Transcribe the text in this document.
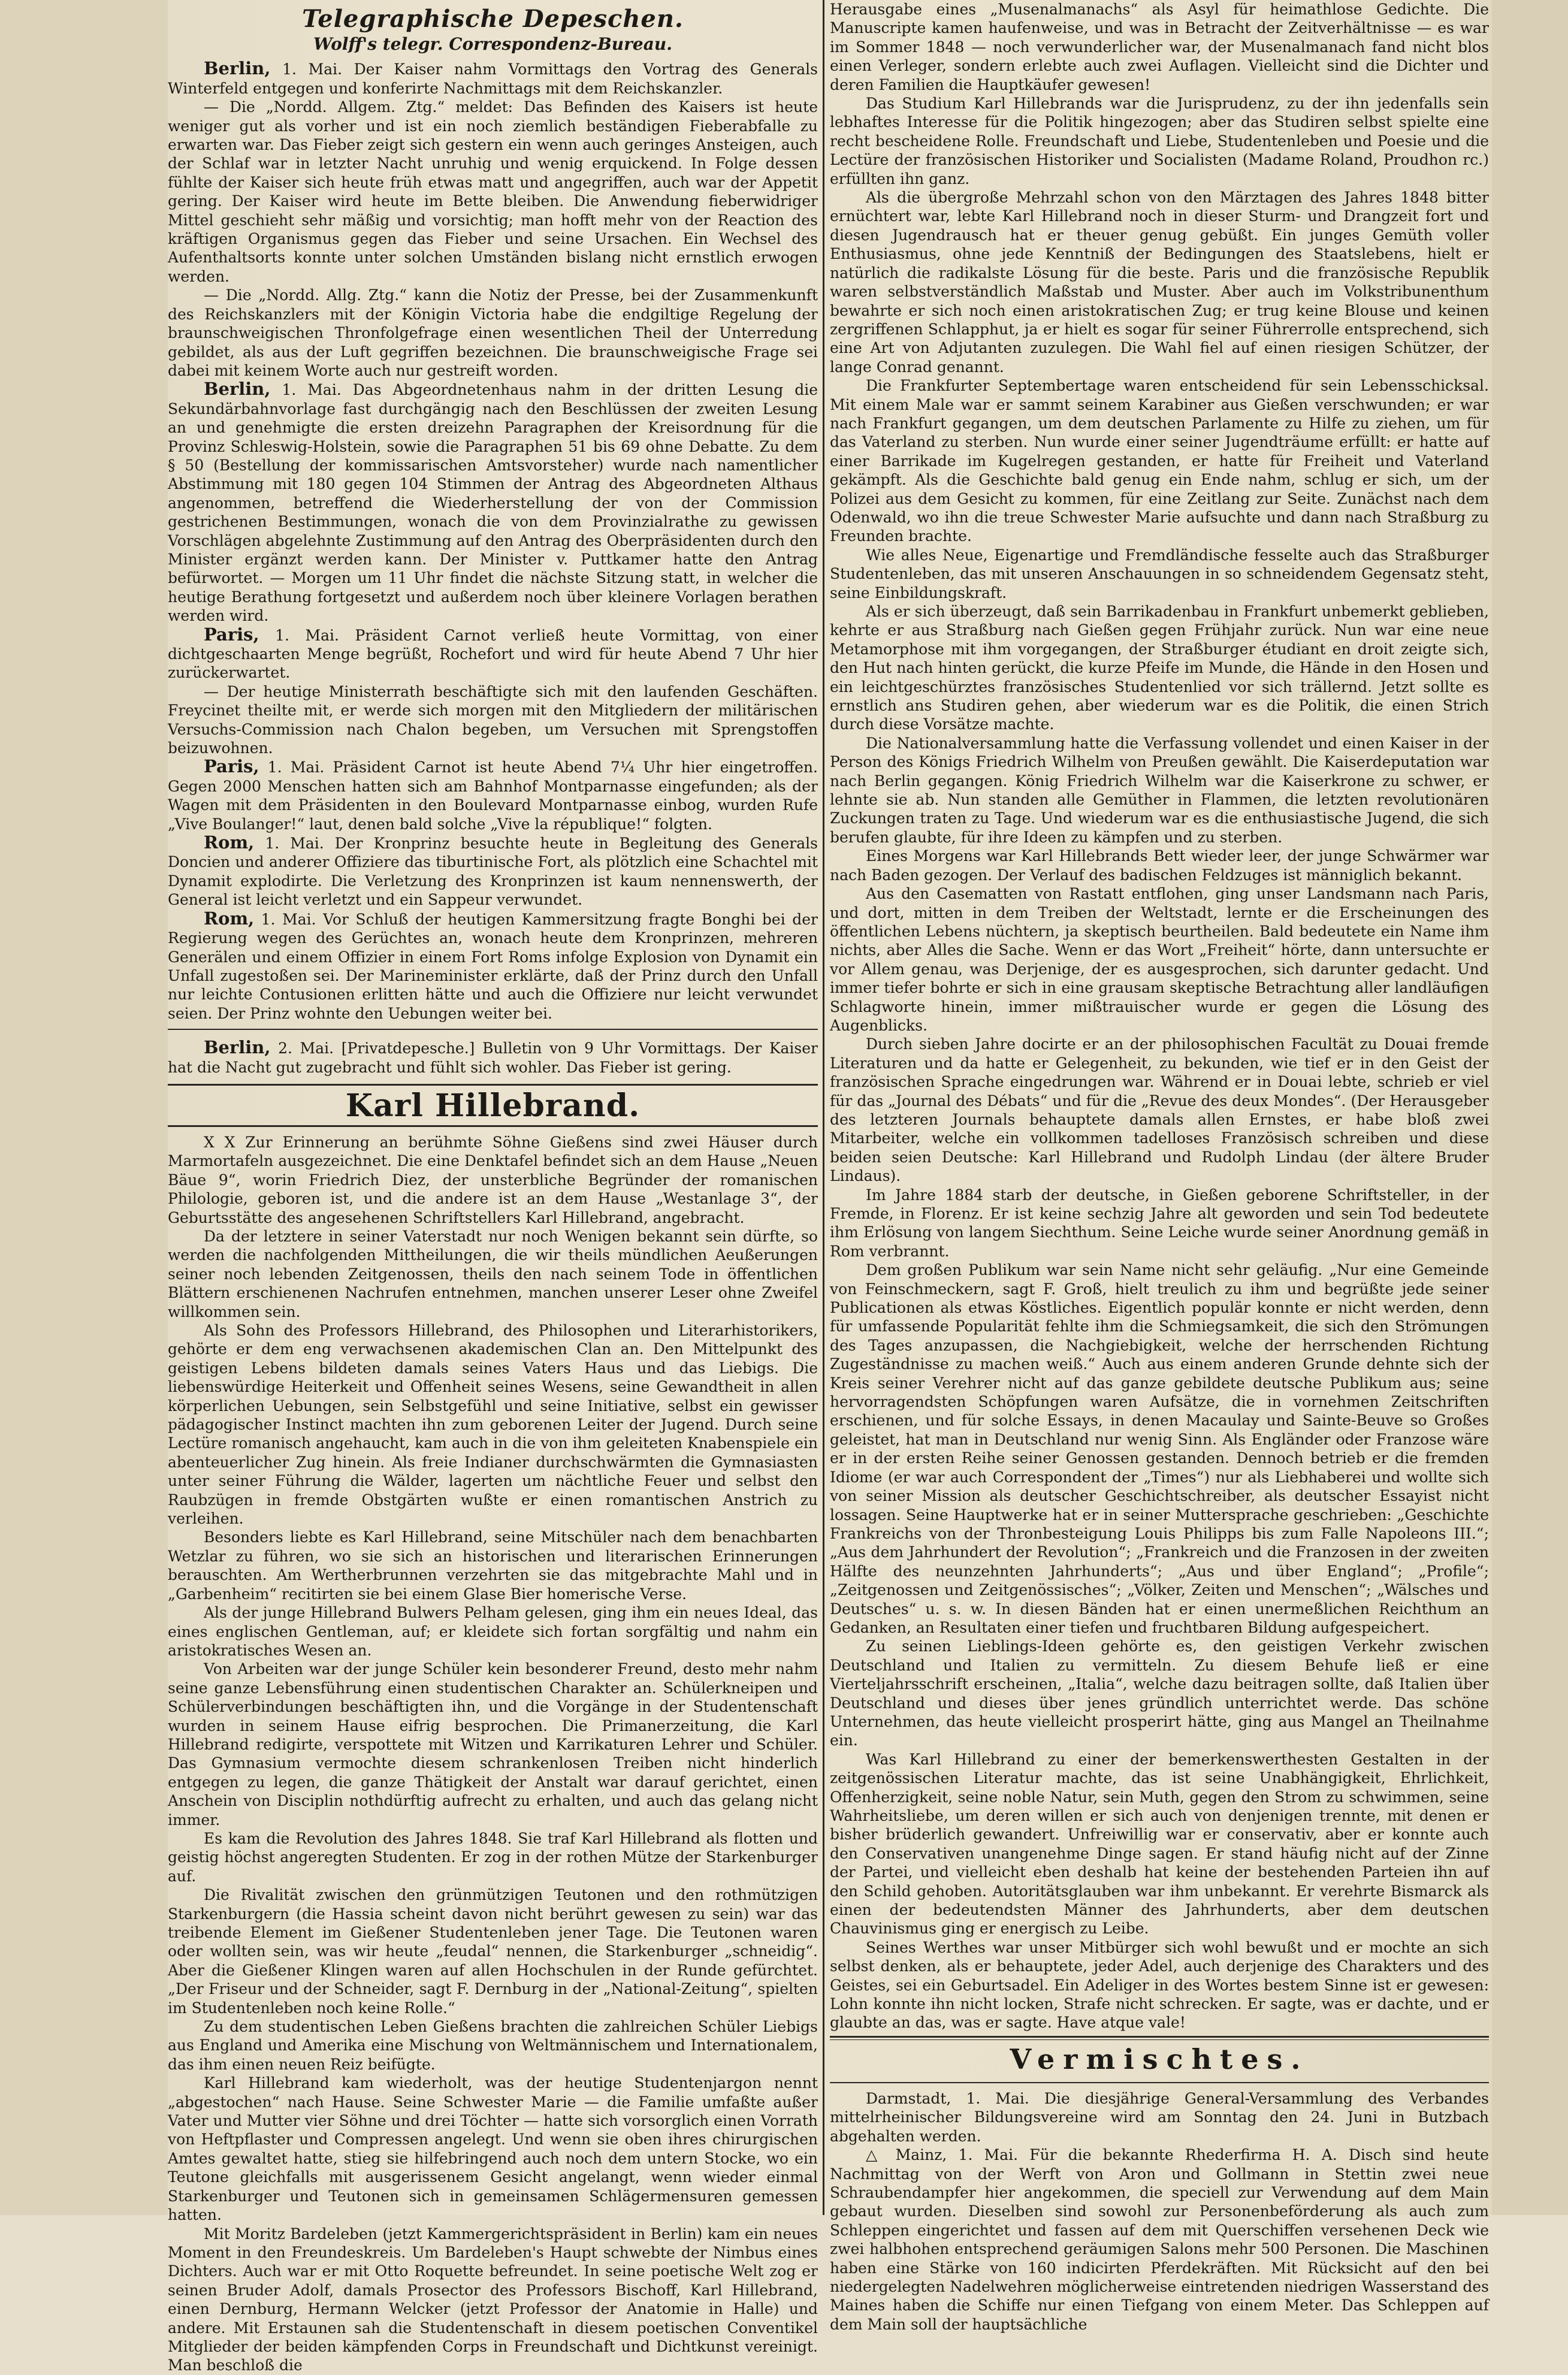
Telegraphische Depeschen.
Wolff's telegr. Correspondenz-Bureau.

Berlin, 1. Mai. Der Kaiser nahm Vormittags den Vortrag des Generals Winterfeld entgegen und konferirte Nachmittags mit dem Reichskanzler.

— Die „Nordd. Allgem. Ztg.“ meldet: Das Befinden des Kaisers ist heute weniger gut als vorher und ist ein noch ziemlich beständigen Fieberabfalle zu erwarten war. Das Fieber zeigt sich gestern ein wenn auch geringes Ansteigen, auch der Schlaf war in letzter Nacht unruhig und wenig erquickend. In Folge dessen fühlte der Kaiser sich heute früh etwas matt und angegriffen, auch war der Appetit gering. Der Kaiser wird heute im Bette bleiben. Die Anwendung fieberwidriger Mittel geschieht sehr mäßig und vorsichtig; man hofft mehr von der Reaction des kräftigen Organismus gegen das Fieber und seine Ursachen. Ein Wechsel des Aufenthaltsorts konnte unter solchen Umständen bislang nicht ernstlich erwogen werden.

— Die „Nordd. Allg. Ztg.“ kann die Notiz der Presse, bei der Zusammenkunft des Reichskanzlers mit der Königin Victoria habe die endgiltige Regelung der braunschweigischen Thronfolgefrage einen wesentlichen Theil der Unterredung gebildet, als aus der Luft gegriffen bezeichnen. Die braunschweigische Frage sei dabei mit keinem Worte auch nur gestreift worden.

Berlin, 1. Mai. Das Abgeordnetenhaus nahm in der dritten Lesung die Sekundärbahnvorlage fast durchgängig nach den Beschlüssen der zweiten Lesung an und genehmigte die ersten dreizehn Paragraphen der Kreisordnung für die Provinz Schleswig-Holstein, sowie die Paragraphen 51 bis 69 ohne Debatte. Zu dem § 50 (Bestellung der kommissarischen Amtsvorsteher) wurde nach namentlicher Abstimmung mit 180 gegen 104 Stimmen der Antrag des Abgeordneten Althaus angenommen, betreffend die Wiederherstellung der von der Commission gestrichenen Bestimmungen, wonach die von dem Provinzialrathe zu gewissen Vorschlägen abgelehnte Zustimmung auf den Antrag des Oberpräsidenten durch den Minister ergänzt werden kann. Der Minister v. Puttkamer hatte den Antrag befürwortet. — Morgen um 11 Uhr findet die nächste Sitzung statt, in welcher die heutige Berathung fortgesetzt und außerdem noch über kleinere Vorlagen berathen werden wird.

Paris, 1. Mai. Präsident Carnot verließ heute Vormittag, von einer dichtgeschaarten Menge begrüßt, Rochefort und wird für heute Abend 7 Uhr hier zurückerwartet.

— Der heutige Ministerrath beschäftigte sich mit den laufenden Geschäften. Freycinet theilte mit, er werde sich morgen mit den Mitgliedern der militärischen Versuchs-Commission nach Chalon begeben, um Versuchen mit Sprengstoffen beizuwohnen.

Paris, 1. Mai. Präsident Carnot ist heute Abend 7¼ Uhr hier eingetroffen. Gegen 2000 Menschen hatten sich am Bahnhof Montparnasse eingefunden; als der Wagen mit dem Präsidenten in den Boulevard Montparnasse einbog, wurden Rufe „Vive Boulanger!“ laut, denen bald solche „Vive la république!“ folgten.

Rom, 1. Mai. Der Kronprinz besuchte heute in Begleitung des Generals Doncien und anderer Offiziere das tiburtinische Fort, als plötzlich eine Schachtel mit Dynamit explodirte. Die Verletzung des Kronprinzen ist kaum nennenswerth, der General ist leicht verletzt und ein Sappeur verwundet.

Rom, 1. Mai. Vor Schluß der heutigen Kammersitzung fragte Bonghi bei der Regierung wegen des Gerüchtes an, wonach heute dem Kronprinzen, mehreren Generälen und einem Offizier in einem Fort Roms infolge Explosion von Dynamit ein Unfall zugestoßen sei. Der Marineminister erklärte, daß der Prinz durch den Unfall nur leichte Contusionen erlitten hätte und auch die Offiziere nur leicht verwundet seien. Der Prinz wohnte den Uebungen weiter bei.

Berlin, 2. Mai. [Privatdepesche.] Bulletin von 9 Uhr Vormittags. Der Kaiser hat die Nacht gut zugebracht und fühlt sich wohler. Das Fieber ist gering.

Karl Hillebrand.

X X Zur Erinnerung an berühmte Söhne Gießens sind zwei Häuser durch Marmortafeln ausgezeichnet. Die eine Denktafel befindet sich an dem Hause „Neuen Bäue 9“, worin Friedrich Diez, der unsterbliche Begründer der romanischen Philologie, geboren ist, und die andere ist an dem Hause „Westanlage 3“, der Geburtsstätte des angesehenen Schriftstellers Karl Hillebrand, angebracht.

Da der letztere in seiner Vaterstadt nur noch Wenigen bekannt sein dürfte, so werden die nachfolgenden Mittheilungen, die wir theils mündlichen Aeußerungen seiner noch lebenden Zeitgenossen, theils den nach seinem Tode in öffentlichen Blättern erschienenen Nachrufen entnehmen, manchen unserer Leser ohne Zweifel willkommen sein.

Als Sohn des Professors Hillebrand, des Philosophen und Literarhistorikers, gehörte er dem eng verwachsenen akademischen Clan an. Den Mittelpunkt des geistigen Lebens bildeten damals seines Vaters Haus und das Liebigs. Die liebenswürdige Heiterkeit und Offenheit seines Wesens, seine Gewandtheit in allen körperlichen Uebungen, sein Selbstgefühl und seine Initiative, selbst ein gewisser pädagogischer Instinct machten ihn zum geborenen Leiter der Jugend. Durch seine Lectüre romanisch angehaucht, kam auch in die von ihm geleiteten Knabenspiele ein abenteuerlicher Zug hinein. Als freie Indianer durchschwärmten die Gymnasiasten unter seiner Führung die Wälder, lagerten um nächtliche Feuer und selbst den Raubzügen in fremde Obstgärten wußte er einen romantischen Anstrich zu verleihen.

Besonders liebte es Karl Hillebrand, seine Mitschüler nach dem benachbarten Wetzlar zu führen, wo sie sich an historischen und literarischen Erinnerungen berauschten. Am Wertherbrunnen verzehrten sie das mitgebrachte Mahl und in „Garbenheim“ recitirten sie bei einem Glase Bier homerische Verse.

Als der junge Hillebrand Bulwers Pelham gelesen, ging ihm ein neues Ideal, das eines englischen Gentleman, auf; er kleidete sich fortan sorgfältig und nahm ein aristokratisches Wesen an.

Von Arbeiten war der junge Schüler kein besonderer Freund, desto mehr nahm seine ganze Lebensführung einen studentischen Charakter an. Schülerkneipen und Schülerverbindungen beschäftigten ihn, und die Vorgänge in der Studentenschaft wurden in seinem Hause eifrig besprochen. Die Primanerzeitung, die Karl Hillebrand redigirte, verspottete mit Witzen und Karrikaturen Lehrer und Schüler. Das Gymnasium vermochte diesem schrankenlosen Treiben nicht hinderlich entgegen zu legen, die ganze Thätigkeit der Anstalt war darauf gerichtet, einen Anschein von Disciplin nothdürftig aufrecht zu erhalten, und auch das gelang nicht immer.

Es kam die Revolution des Jahres 1848. Sie traf Karl Hillebrand als flotten und geistig höchst angeregten Studenten. Er zog in der rothen Mütze der Starkenburger auf.

Die Rivalität zwischen den grünmützigen Teutonen und den rothmützigen Starkenburgern (die Hassia scheint davon nicht berührt gewesen zu sein) war das treibende Element im Gießener Studentenleben jener Tage. Die Teutonen waren oder wollten sein, was wir heute „feudal“ nennen, die Starkenburger „schneidig“. Aber die Gießener Klingen waren auf allen Hochschulen in der Runde gefürchtet. „Der Friseur und der Schneider, sagt F. Dernburg in der „National-Zeitung“, spielten im Studentenleben noch keine Rolle.“

Zu dem studentischen Leben Gießens brachten die zahlreichen Schüler Liebigs aus England und Amerika eine Mischung von Weltmännischem und Internationalem, das ihm einen neuen Reiz beifügte.

Karl Hillebrand kam wiederholt, was der heutige Studentenjargon nennt „abgestochen“ nach Hause. Seine Schwester Marie — die Familie umfaßte außer Vater und Mutter vier Söhne und drei Töchter — hatte sich vorsorglich einen Vorrath von Heftpflaster und Compressen angelegt. Und wenn sie oben ihres chirurgischen Amtes gewaltet hatte, stieg sie hilfebringend auch noch dem untern Stocke, wo ein Teutone gleichfalls mit ausgerissenem Gesicht angelangt, wenn wieder einmal Starkenburger und Teutonen sich in gemeinsamen Schlägermensuren gemessen hatten.

Mit Moritz Bardeleben (jetzt Kammergerichtspräsident in Berlin) kam ein neues Moment in den Freundeskreis. Um Bardeleben's Haupt schwebte der Nimbus eines Dichters. Auch war er mit Otto Roquette befreundet. In seine poetische Welt zog er seinen Bruder Adolf, damals Prosector des Professors Bischoff, Karl Hillebrand, einen Dernburg, Hermann Welcker (jetzt Professor der Anatomie in Halle) und andere. Mit Erstaunen sah die Studentenschaft in diesem poetischen Conventikel Mitglieder der beiden kämpfenden Corps in Freundschaft und Dichtkunst vereinigt. Man beschloß die

Herausgabe eines „Musenalmanachs“ als Asyl für heimathlose Gedichte. Die Manuscripte kamen haufenweise, und was in Betracht der Zeitverhältnisse — es war im Sommer 1848 — noch verwunderlicher war, der Musenalmanach fand nicht blos einen Verleger, sondern erlebte auch zwei Auflagen. Vielleicht sind die Dichter und deren Familien die Hauptkäufer gewesen!

Das Studium Karl Hillebrands war die Jurisprudenz, zu der ihn jedenfalls sein lebhaftes Interesse für die Politik hingezogen; aber das Studiren selbst spielte eine recht bescheidene Rolle. Freundschaft und Liebe, Studentenleben und Poesie und die Lectüre der französischen Historiker und Socialisten (Madame Roland, Proudhon rc.) erfüllten ihn ganz.

Als die übergroße Mehrzahl schon von den Märztagen des Jahres 1848 bitter ernüchtert war, lebte Karl Hillebrand noch in dieser Sturm- und Drangzeit fort und diesen Jugendrausch hat er theuer genug gebüßt. Ein junges Gemüth voller Enthusiasmus, ohne jede Kenntniß der Bedingungen des Staatslebens, hielt er natürlich die radikalste Lösung für die beste. Paris und die französische Republik waren selbstverständlich Maßstab und Muster. Aber auch im Volkstribunenthum bewahrte er sich noch einen aristokratischen Zug; er trug keine Blouse und keinen zergriffenen Schlapphut, ja er hielt es sogar für seiner Führerrolle entsprechend, sich eine Art von Adjutanten zuzulegen. Die Wahl fiel auf einen riesigen Schützer, der lange Conrad genannt.

Die Frankfurter Septembertage waren entscheidend für sein Lebensschicksal. Mit einem Male war er sammt seinem Karabiner aus Gießen verschwunden; er war nach Frankfurt gegangen, um dem deutschen Parlamente zu Hilfe zu ziehen, um für das Vaterland zu sterben. Nun wurde einer seiner Jugendträume erfüllt: er hatte auf einer Barrikade im Kugelregen gestanden, er hatte für Freiheit und Vaterland gekämpft. Als die Geschichte bald genug ein Ende nahm, schlug er sich, um der Polizei aus dem Gesicht zu kommen, für eine Zeitlang zur Seite. Zunächst nach dem Odenwald, wo ihn die treue Schwester Marie aufsuchte und dann nach Straßburg zu Freunden brachte.

Wie alles Neue, Eigenartige und Fremdländische fesselte auch das Straßburger Studentenleben, das mit unseren Anschauungen in so schneidendem Gegensatz steht, seine Einbildungskraft.

Als er sich überzeugt, daß sein Barrikadenbau in Frankfurt unbemerkt geblieben, kehrte er aus Straßburg nach Gießen gegen Frühjahr zurück. Nun war eine neue Metamorphose mit ihm vorgegangen, der Straßburger étudiant en droit zeigte sich, den Hut nach hinten gerückt, die kurze Pfeife im Munde, die Hände in den Hosen und ein leichtgeschürztes französisches Studentenlied vor sich trällernd. Jetzt sollte es ernstlich ans Studiren gehen, aber wiederum war es die Politik, die einen Strich durch diese Vorsätze machte.

Die Nationalversammlung hatte die Verfassung vollendet und einen Kaiser in der Person des Königs Friedrich Wilhelm von Preußen gewählt. Die Kaiserdeputation war nach Berlin gegangen. König Friedrich Wilhelm war die Kaiserkrone zu schwer, er lehnte sie ab. Nun standen alle Gemüther in Flammen, die letzten revolutionären Zuckungen traten zu Tage. Und wiederum war es die enthusiastische Jugend, die sich berufen glaubte, für ihre Ideen zu kämpfen und zu sterben.

Eines Morgens war Karl Hillebrands Bett wieder leer, der junge Schwärmer war nach Baden gezogen. Der Verlauf des badischen Feldzuges ist männiglich bekannt.

Aus den Casematten von Rastatt entflohen, ging unser Landsmann nach Paris, und dort, mitten in dem Treiben der Weltstadt, lernte er die Erscheinungen des öffentlichen Lebens nüchtern, ja skeptisch beurtheilen. Bald bedeutete ein Name ihm nichts, aber Alles die Sache. Wenn er das Wort „Freiheit“ hörte, dann untersuchte er vor Allem genau, was Derjenige, der es ausgesprochen, sich darunter gedacht. Und immer tiefer bohrte er sich in eine grausam skeptische Betrachtung aller landläufigen Schlagworte hinein, immer mißtrauischer wurde er gegen die Lösung des Augenblicks.

Durch sieben Jahre docirte er an der philosophischen Facultät zu Douai fremde Literaturen und da hatte er Gelegenheit, zu bekunden, wie tief er in den Geist der französischen Sprache eingedrungen war. Während er in Douai lebte, schrieb er viel für das „Journal des Débats“ und für die „Revue des deux Mondes“. (Der Herausgeber des letzteren Journals behauptete damals allen Ernstes, er habe bloß zwei Mitarbeiter, welche ein vollkommen tadelloses Französisch schreiben und diese beiden seien Deutsche: Karl Hillebrand und Rudolph Lindau (der ältere Bruder Lindaus).

Im Jahre 1884 starb der deutsche, in Gießen geborene Schriftsteller, in der Fremde, in Florenz. Er ist keine sechzig Jahre alt geworden und sein Tod bedeutete ihm Erlösung von langem Siechthum. Seine Leiche wurde seiner Anordnung gemäß in Rom verbrannt.

Dem großen Publikum war sein Name nicht sehr geläufig. „Nur eine Gemeinde von Feinschmeckern, sagt F. Groß, hielt treulich zu ihm und begrüßte jede seiner Publicationen als etwas Köstliches. Eigentlich populär konnte er nicht werden, denn für umfassende Popularität fehlte ihm die Schmiegsamkeit, die sich den Strömungen des Tages anzupassen, die Nachgiebigkeit, welche der herrschenden Richtung Zugeständnisse zu machen weiß.“ Auch aus einem anderen Grunde dehnte sich der Kreis seiner Verehrer nicht auf das ganze gebildete deutsche Publikum aus; seine hervorragendsten Schöpfungen waren Aufsätze, die in vornehmen Zeitschriften erschienen, und für solche Essays, in denen Macaulay und Sainte-Beuve so Großes geleistet, hat man in Deutschland nur wenig Sinn. Als Engländer oder Franzose wäre er in der ersten Reihe seiner Genossen gestanden. Dennoch betrieb er die fremden Idiome (er war auch Correspondent der „Times“) nur als Liebhaberei und wollte sich von seiner Mission als deutscher Geschichtschreiber, als deutscher Essayist nicht lossagen. Seine Hauptwerke hat er in seiner Muttersprache geschrieben: „Geschichte Frankreichs von der Thronbesteigung Louis Philipps bis zum Falle Napoleons III.“; „Aus dem Jahrhundert der Revolution“; „Frankreich und die Franzosen in der zweiten Hälfte des neunzehnten Jahrhunderts“; „Aus und über England“; „Profile“; „Zeitgenossen und Zeitgenössisches“; „Völker, Zeiten und Menschen“; „Wälsches und Deutsches“ u. s. w. In diesen Bänden hat er einen unermeßlichen Reichthum an Gedanken, an Resultaten einer tiefen und fruchtbaren Bildung aufgespeichert.

Zu seinen Lieblings-Ideen gehörte es, den geistigen Verkehr zwischen Deutschland und Italien zu vermitteln. Zu diesem Behufe ließ er eine Vierteljahrsschrift erscheinen, „Italia“, welche dazu beitragen sollte, daß Italien über Deutschland und dieses über jenes gründlich unterrichtet werde. Das schöne Unternehmen, das heute vielleicht prosperirt hätte, ging aus Mangel an Theilnahme ein.

Was Karl Hillebrand zu einer der bemerkenswerthesten Gestalten in der zeitgenössischen Literatur machte, das ist seine Unabhängigkeit, Ehrlichkeit, Offenherzigkeit, seine noble Natur, sein Muth, gegen den Strom zu schwimmen, seine Wahrheitsliebe, um deren willen er sich auch von denjenigen trennte, mit denen er bisher brüderlich gewandert. Unfreiwillig war er conservativ, aber er konnte auch den Conservativen unangenehme Dinge sagen. Er stand häufig nicht auf der Zinne der Partei, und vielleicht eben deshalb hat keine der bestehenden Parteien ihn auf den Schild gehoben. Autoritätsglauben war ihm unbekannt. Er verehrte Bismarck als einen der bedeutendsten Männer des Jahrhunderts, aber dem deutschen Chauvinismus ging er energisch zu Leibe.

Seines Werthes war unser Mitbürger sich wohl bewußt und er mochte an sich selbst denken, als er behauptete, jeder Adel, auch derjenige des Charakters und des Geistes, sei ein Geburtsadel. Ein Adeliger in des Wortes bestem Sinne ist er gewesen: Lohn konnte ihn nicht locken, Strafe nicht schrecken. Er sagte, was er dachte, und er glaubte an das, was er sagte. Have atque vale!

Vermischtes.

Darmstadt, 1. Mai. Die diesjährige General-Versammlung des Verbandes mittelrheinischer Bildungsvereine wird am Sonntag den 24. Juni in Butzbach abgehalten werden.

△ Mainz, 1. Mai. Für die bekannte Rhederfirma H. A. Disch sind heute Nachmittag von der Werft von Aron und Gollmann in Stettin zwei neue Schraubendampfer hier angekommen, die speciell zur Verwendung auf dem Main gebaut wurden. Dieselben sind sowohl zur Personenbeförderung als auch zum Schleppen eingerichtet und fassen auf dem mit Querschiffen versehenen Deck wie zwei halbhohen entsprechend geräumigen Salons mehr 500 Personen. Die Maschinen haben eine Stärke von 160 indicirten Pferdekräften. Mit Rücksicht auf den bei niedergelegten Nadelwehren möglicherweise eintretenden niedrigen Wasserstand des Maines haben die Schiffe nur einen Tiefgang von einem Meter. Das Schleppen auf dem Main soll der hauptsächliche
